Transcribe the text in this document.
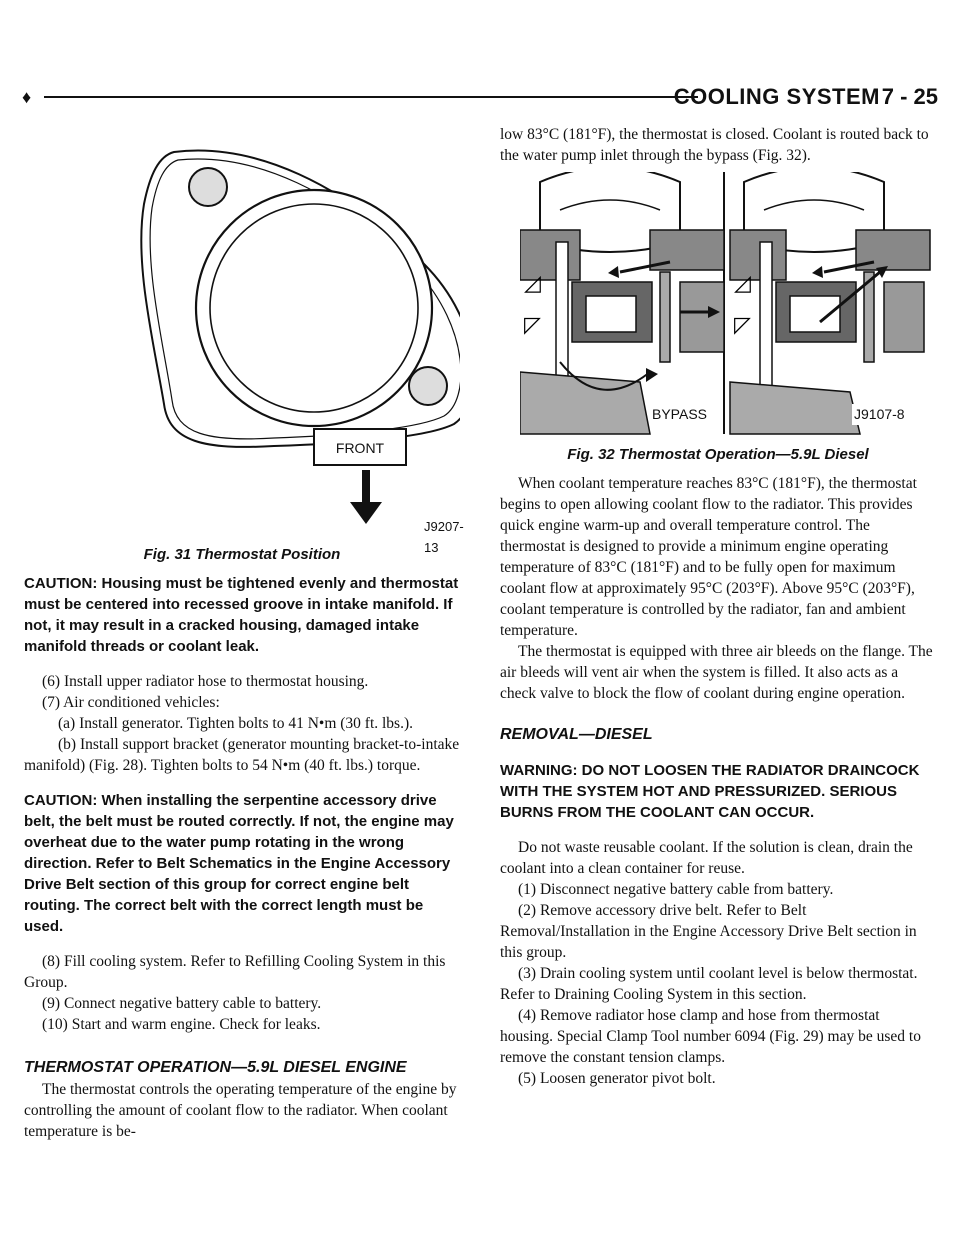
♦	COOLING SYSTEM 7 - 25
FRONT
J9207-13

Fig. 31 Thermostat Position

CAUTION: Housing must be tightened evenly and thermostat must be centered into recessed groove in intake manifold. If not, it may result in a cracked housing, damaged intake manifold threads or coolant leak.

(6) Install upper radiator hose to thermostat housing.

(7) Air conditioned vehicles:

(a) Install generator. Tighten bolts to 41 N•m (30 ft. lbs.).

(b) Install support bracket (generator mounting bracket-to-intake manifold) (Fig. 28). Tighten bolts to 54 N•m (40 ft. lbs.) torque.

CAUTION: When installing the serpentine accessory drive belt, the belt must be routed correctly. If not, the engine may overheat due to the water pump rotating in the wrong direction. Refer to Belt Schematics in the Engine Accessory Drive Belt section of this group for correct engine belt routing. The correct belt with the correct length must be used.

(8) Fill cooling system. Refer to Refilling Cooling System in this Group.

(9) Connect negative battery cable to battery.

(10) Start and warm engine. Check for leaks.

THERMOSTAT OPERATION—5.9L DIESEL ENGINE

The thermostat controls the operating temperature of the engine by controlling the amount of coolant flow to the radiator. When coolant temperature is be-

low 83°C (181°F), the thermostat is closed. Coolant is routed back to the water pump inlet through the bypass (Fig. 32).

◿
◸
◿
◸
BYPASS	J9107-8

Fig. 32 Thermostat Operation—5.9L Diesel

When coolant temperature reaches 83°C (181°F), the thermostat begins to open allowing coolant flow to the radiator. This provides quick engine warm-up and overall temperature control. The thermostat is designed to provide a minimum engine operating temperature of 83°C (181°F) and to be fully open for maximum coolant flow at approximately 95°C (203°F). Above 95°C (203°F), coolant temperature is controlled by the radiator, fan and ambient temperature.

The thermostat is equipped with three air bleeds on the flange. The air bleeds will vent air when the system is filled. It also acts as a check valve to block the flow of coolant during engine operation.

REMOVAL—DIESEL

WARNING: DO NOT LOOSEN THE RADIATOR DRAINCOCK WITH THE SYSTEM HOT AND PRESSURIZED. SERIOUS BURNS FROM THE COOLANT CAN OCCUR.

Do not waste reusable coolant. If the solution is clean, drain the coolant into a clean container for reuse.

(1) Disconnect negative battery cable from battery.

(2) Remove accessory drive belt. Refer to Belt Removal/Installation in the Engine Accessory Drive Belt section in this group.

(3) Drain cooling system until coolant level is below thermostat. Refer to Draining Cooling System in this section.

(4) Remove radiator hose clamp and hose from thermostat housing. Special Clamp Tool number 6094 (Fig. 29) may be used to remove the constant tension clamps.

(5) Loosen generator pivot bolt.
